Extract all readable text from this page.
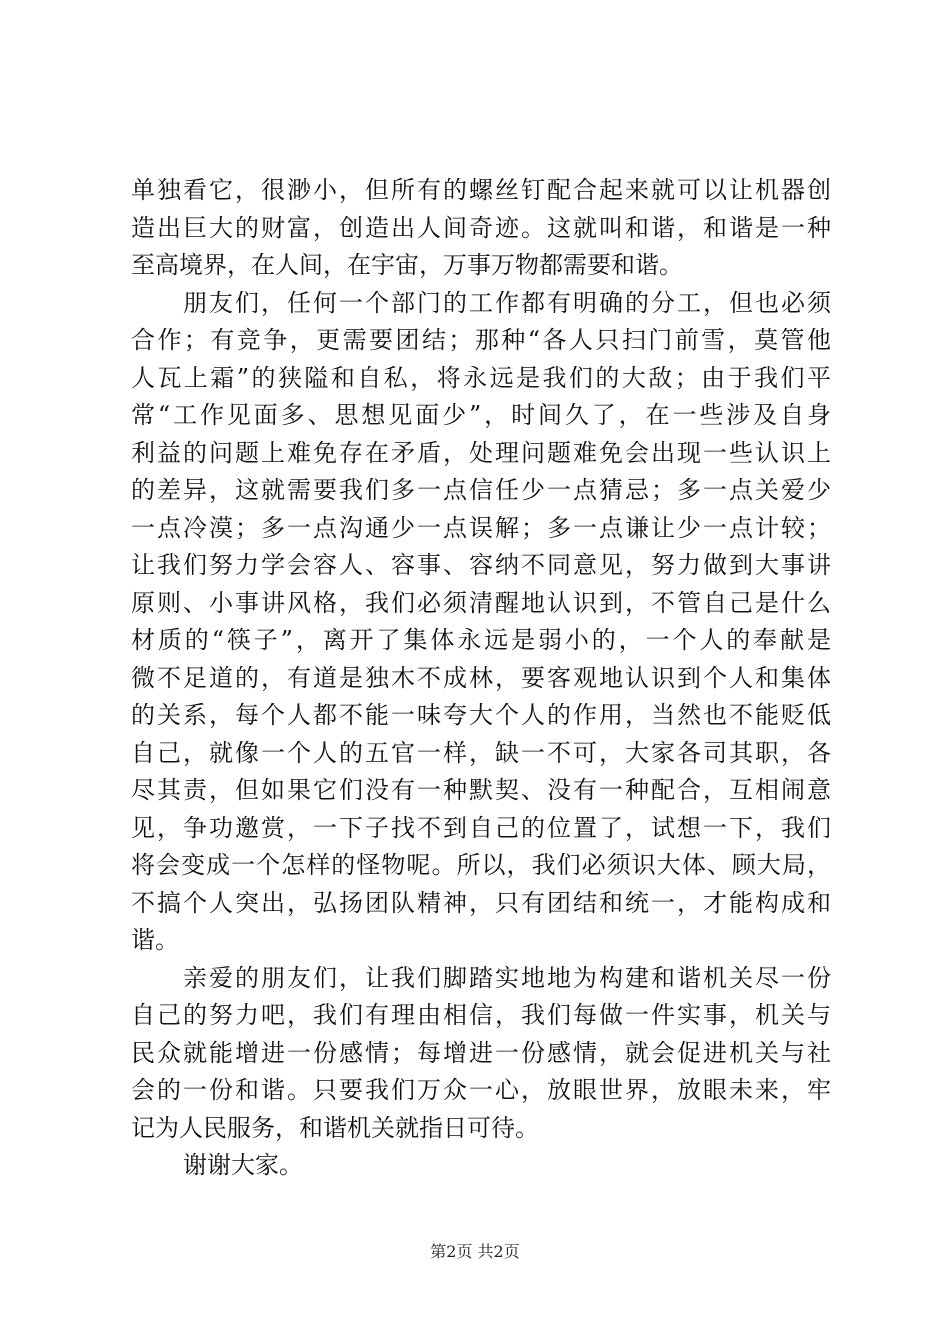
单独看它，很渺小，但所有的螺丝钉配合起来就可以让机器创
造出巨大的财富，创造出人间奇迹。这就叫和谐，和谐是一种
至高境界，在人间，在宇宙，万事万物都需要和谐。
朋友们，任何一个部门的工作都有明确的分工，但也必须
合作；有竞争，更需要团结；那种“各人只扫门前雪，莫管他
人瓦上霜”的狭隘和自私，将永远是我们的大敌；由于我们平
常“工作见面多、思想见面少”，时间久了，在一些涉及自身
利益的问题上难免存在矛盾，处理问题难免会出现一些认识上
的差异，这就需要我们多一点信任少一点猜忌；多一点关爱少
一点冷漠；多一点沟通少一点误解；多一点谦让少一点计较；
让我们努力学会容人、容事、容纳不同意见，努力做到大事讲
原则、小事讲风格，我们必须清醒地认识到，不管自己是什么
材质的“筷子”，离开了集体永远是弱小的，一个人的奉献是
微不足道的，有道是独木不成林，要客观地认识到个人和集体
的关系，每个人都不能一味夸大个人的作用，当然也不能贬低
自己，就像一个人的五官一样，缺一不可，大家各司其职，各
尽其责，但如果它们没有一种默契、没有一种配合，互相闹意
见，争功邀赏，一下子找不到自己的位置了，试想一下，我们
将会变成一个怎样的怪物呢。所以，我们必须识大体、顾大局，
不搞个人突出，弘扬团队精神，只有团结和统一，才能构成和
谐。
亲爱的朋友们，让我们脚踏实地地为构建和谐机关尽一份
自己的努力吧，我们有理由相信，我们每做一件实事，机关与
民众就能增进一份感情；每增进一份感情，就会促进机关与社
会的一份和谐。只要我们万众一心，放眼世界，放眼未来，牢
记为人民服务，和谐机关就指日可待。
谢谢大家。
第2页 共2页
